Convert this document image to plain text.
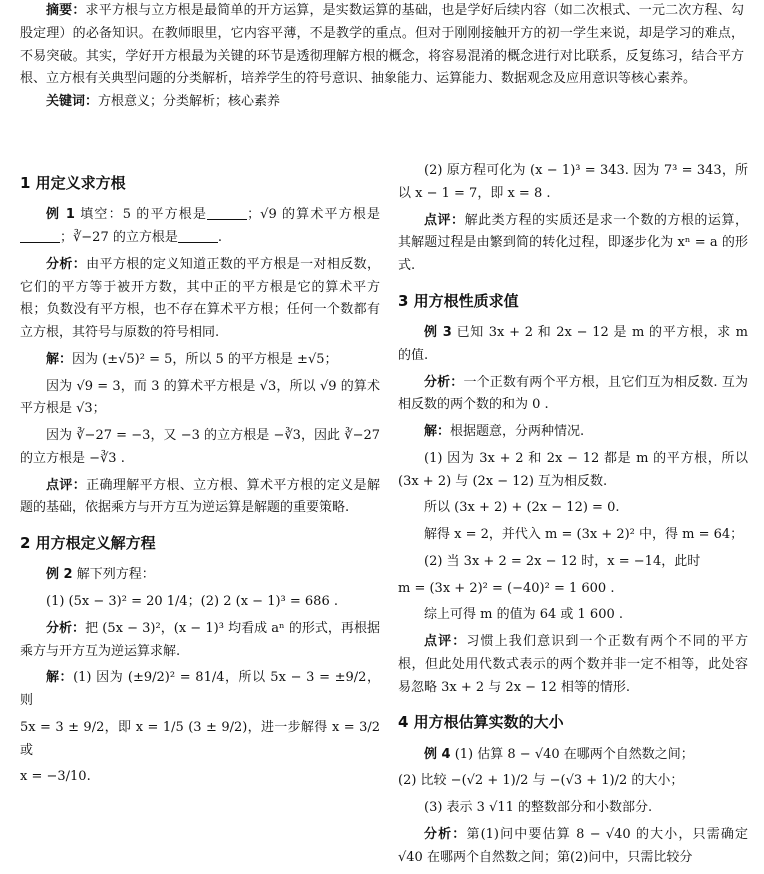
摘要：求平方根与立方根是最简单的开方运算，是实数运算的基础，也是学好后续内容（如二次根式、一元二次方程、勾股定理）的必备知识。在教师眼里，它内容平薄，不是教学的重点。但对于刚刚接触开方的初一学生来说，却是学习的难点，不易突破。其实，学好开方根最为关键的环节是透彻理解方根的概念，将容易混淆的概念进行对比联系，反复练习，结合平方根、立方根有关典型问题的分类解析，培养学生的符号意识、抽象能力、运算能力、数据观念及应用意识等核心素养。

关键词：方根意义；分类解析；核心素养

1 用定义求方根

例 1 填空：5 的平方根是	；√9 的算术平方根是；∛−27 的立方根是	.

分析：由平方根的定义知道正数的平方根是一对相反数，它们的平方等于被开方数，其中正的平方根是它的算术平方根；负数没有平方根，也不存在算术平方根；任何一个数都有立方根，其符号与原数的符号相同.

解：因为 (±√5)² = 5，所以 5 的平方根是 ±√5；

因为 √9 = 3，而 3 的算术平方根是 √3，所以 √9 的算术平方根是 √3；

因为 ∛−27 = −3，又 −3 的立方根是 −∛3，因此 ∛−27 的立方根是 −∛3 .

点评：正确理解平方根、立方根、算术平方根的定义是解题的基础，依据乘方与开方互为逆运算是解题的重要策略.

2 用方根定义解方程

例 2 解下列方程：

(1) (5x − 3)² = 20 1/4；(2) 2 (x − 1)³ = 686 .

分析：把 (5x − 3)²，(x − 1)³ 均看成 aⁿ 的形式，再根据乘方与开方互为逆运算求解.

解：(1) 因为 (±9/2)² = 81/4，所以 5x − 3 = ±9/2，则

5x = 3 ± 9/2，即 x = 1/5 (3 ± 9/2)，进一步解得 x = 3/2 或

x = −3/10.

(2) 原方程可化为 (x − 1)³ = 343. 因为 7³ = 343，所以 x − 1 = 7，即 x = 8 .

点评：解此类方程的实质还是求一个数的方根的运算，其解题过程是由繁到简的转化过程，即逐步化为 xⁿ = a 的形式.

3 用方根性质求值

例 3 已知 3x + 2 和 2x − 12 是 m 的平方根，求 m 的值.

分析：一个正数有两个平方根，且它们互为相反数. 互为相反数的两个数的和为 0 .

解：根据题意，分两种情况.

(1) 因为 3x + 2 和 2x − 12 都是 m 的平方根，所以 (3x + 2) 与 (2x − 12) 互为相反数.

所以 (3x + 2) + (2x − 12) = 0.

解得 x = 2，并代入 m = (3x + 2)² 中，得 m = 64；

(2) 当 3x + 2 = 2x − 12 时，x = −14，此时

m = (3x + 2)² = (−40)² = 1 600 .

综上可得 m 的值为 64 或 1 600 .

点评：习惯上我们意识到一个正数有两个不同的平方根，但此处用代数式表示的两个数并非一定不相等，此处容易忽略 3x + 2 与 2x − 12 相等的情形.

4 用方根估算实数的大小

例 4 (1) 估算 8 − √40 在哪两个自然数之间；

(2) 比较 −(√2 + 1)/2 与 −(√3 + 1)/2 的大小；

(3) 表示 3 √11 的整数部分和小数部分.

分析：第(1)问中要估算 8 − √40 的大小，只需确定 √40 在哪两个自然数之间；第(2)问中，只需比较分
